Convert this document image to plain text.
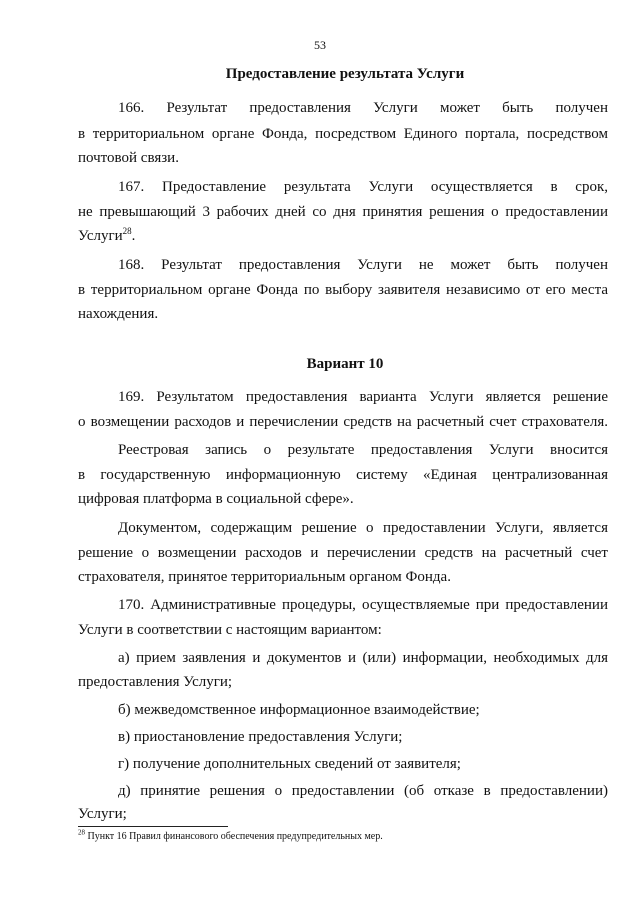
53
Предоставление результата Услуги
166. Результат предоставления Услуги может быть получен
в территориальном органе Фонда, посредством Единого портала, посредством
почтовой связи.
167. Предоставление результата Услуги осуществляется в срок,
не превышающий 3 рабочих дней со дня принятия решения о предоставлении
Услуги$^{28}$.
168. Результат предоставления Услуги не может быть получен
в территориальном органе Фонда по выбору заявителя независимо от его места
нахождения.
Вариант 10
169. Результатом предоставления варианта Услуги является решение
о возмещении расходов и перечислении средств на расчетный счет страхователя.
Реестровая запись о результате предоставления Услуги вносится
в государственную информационную систему «Единая централизованная
цифровая платформа в социальной сфере».
Документом, содержащим решение о предоставлении Услуги, является
решение о возмещении расходов и перечислении средств на расчетный счет
страхователя, принятое территориальным органом Фонда.
170. Административные процедуры, осуществляемые при предоставлении
Услуги в соответствии с настоящим вариантом:
а) прием заявления и документов и (или) информации, необходимых для
предоставления Услуги;
б) межведомственное информационное взаимодействие;
в) приостановление предоставления Услуги;
г) получение дополнительных сведений от заявителя;
д) принятие решения о предоставлении (об отказе в предоставлении)
Услуги;
$^{28}$ Пункт 16 Правил финансового обеспечения предупредительных мер.
